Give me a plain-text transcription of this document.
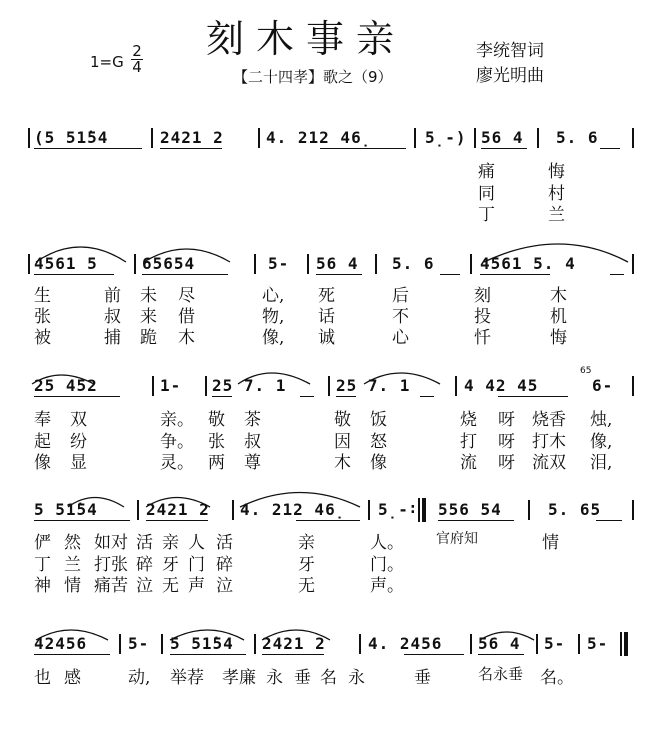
刻木事亲
1=G
2
4
【二十四孝】歌之（9）
李统智词
廖光明曲
(5 51̇54	2421 2	4. 212 46̣	5̣-) 56 4 5. 6
痛	悔
同	村
丁	兰
4561 5	65654	5- 56 4 5. 6	4561 5. 4
生	前 未 尽	心, 死	后	刻	木
张	叔 来 借	物, 话	不	投	机
被	捕 跪 木	像, 诚	心	忏	悔
25 452	1- 25 7. 1	25 7. 1	4 42 45
65
6-
奉 双	亲。 敬 茶	敬 饭	烧 呀 烧香 烛,
起 纷	争。 张 叔	因 怒	打 呀 打木 像,
像 显	灵。 两 尊	木 像	流 呀 流双 泪,
5 51̇54	2421 2 4. 212 46̣ 5̣- : 556 54	5. 65
俨 然 如对 活 亲 人 活	亲	人。 官府知	情
丁 兰 打张 碎 牙 门 碎	牙	门。
神 情 痛苦 泣 无 声 泣	无	声。
42456	5- 5 51̇54 2421 2	4. 2456 56 4 5- 5-
也 感	动, 举荐 孝廉 永 垂 名 永	垂	名永垂 名。
